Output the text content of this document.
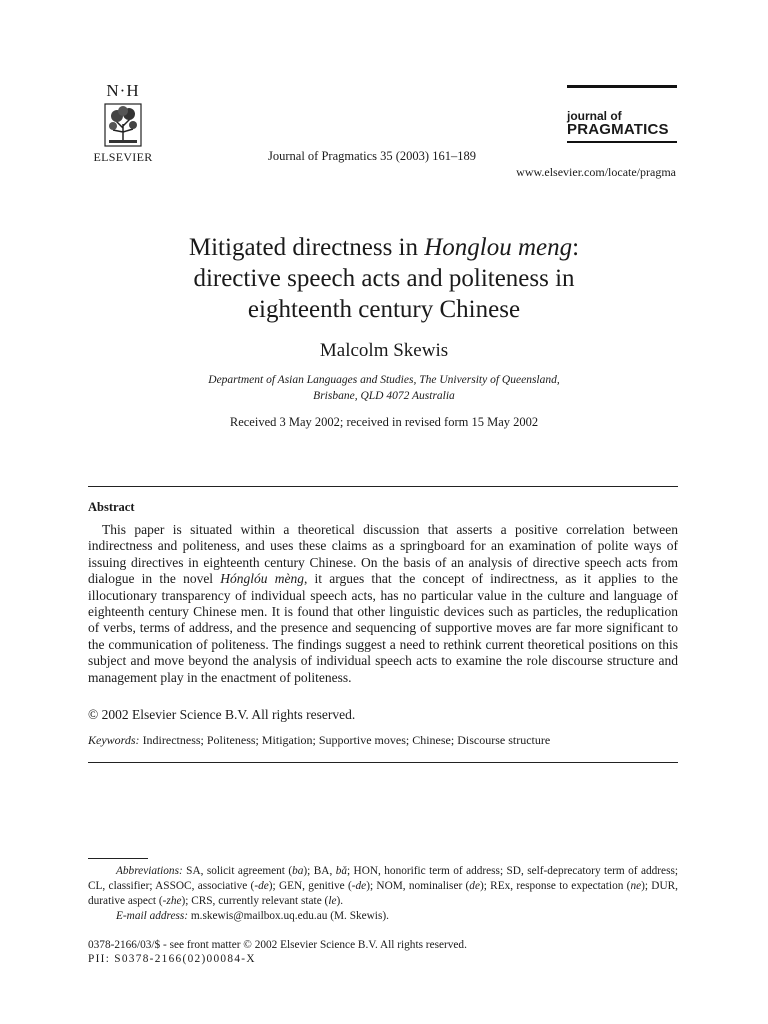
N·H
ELSEVIER	Journal of Pragmatics 35 (2003) 161–189
www.elsevier.com/locate/pragma
journal of
PRAGMATICS
Mitigated directness in Honglou meng:
directive speech acts and politeness in
eighteenth century Chinese
Malcolm Skewis
Department of Asian Languages and Studies, The University of Queensland,
Brisbane, QLD 4072 Australia
Received 3 May 2002; received in revised form 15 May 2002
Abstract

This paper is situated within a theoretical discussion that asserts a positive correlation between indirectness and politeness, and uses these claims as a springboard for an examination of polite ways of issuing directives in eighteenth century Chinese. On the basis of an analysis of directive speech acts from dialogue in the novel Hónglóu mèng, it argues that the concept of indirectness, as it applies to the illocutionary transparency of individual speech acts, has no particular value in the culture and language of eighteenth century Chinese men. It is found that other linguistic devices such as particles, the reduplication of verbs, terms of address, and the presence and sequencing of supportive moves are far more significant to the communication of politeness. The findings suggest a need to rethink current theoretical positions on this subject and move beyond the analysis of individual speech acts to examine the role discourse structure and management play in the enactment of politeness.

© 2002 Elsevier Science B.V. All rights reserved.
Keywords: Indirectness; Politeness; Mitigation; Supportive moves; Chinese; Discourse structure
Abbreviations: SA, solicit agreement (ba); BA, bǎ; HON, honorific term of address; SD, self-deprecatory term of address; CL, classifier; ASSOC, associative (-de); GEN, genitive (-de); NOM, nominaliser (de); REx, response to expectation (ne); DUR, durative aspect (-zhe); CRS, currently relevant state (le).
E-mail address: m.skewis@mailbox.uq.edu.au (M. Skewis).
0378-2166/03/$ - see front matter © 2002 Elsevier Science B.V. All rights reserved.
PII: S0378-2166(02)00084-X
